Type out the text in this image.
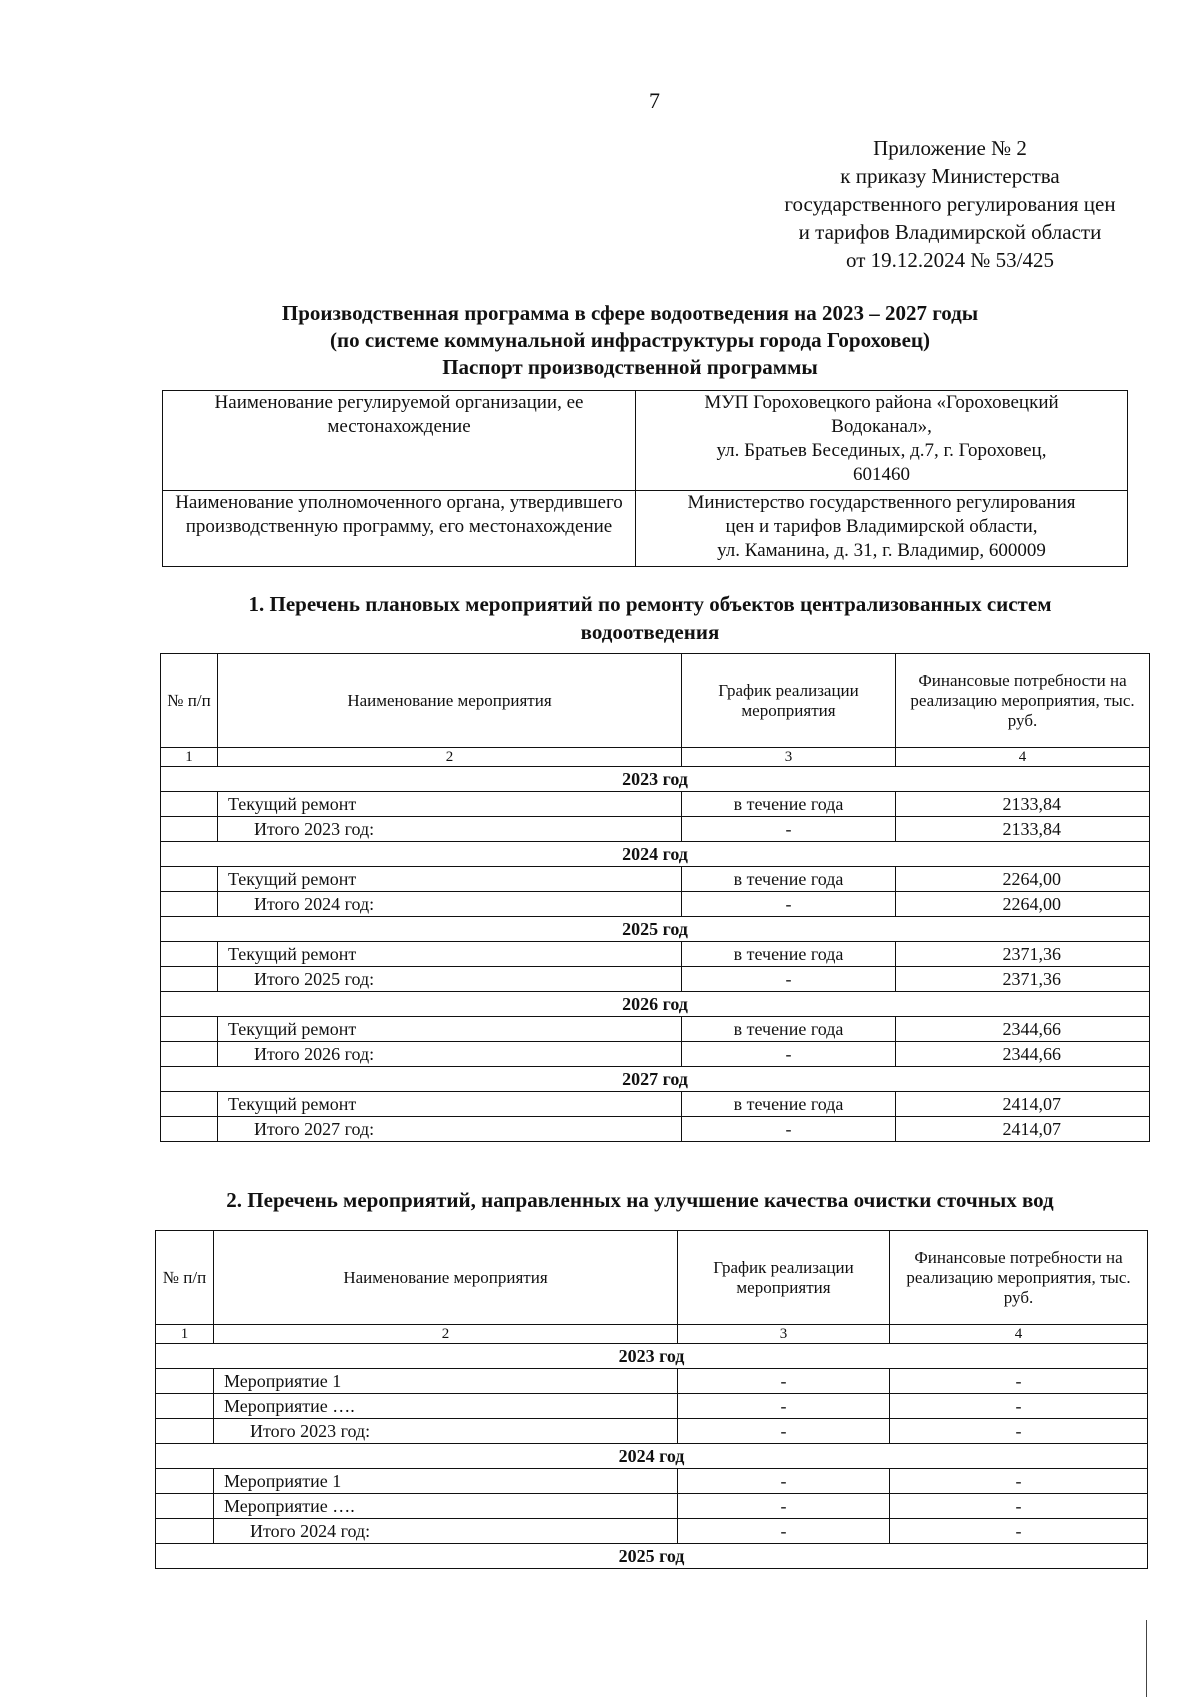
7
Приложение № 2
к приказу Министерства
государственного регулирования цен
и тарифов Владимирской области
от 19.12.2024 № 53/425
Производственная программа в сфере водоотведения на 2023 – 2027 годы
(по системе коммунальной инфраструктуры города Гороховец)
Паспорт производственной программы
Наименование регулируемой организации, ее местонахождение	МУП Гороховецкого района «Гороховецкий
Водоканал»,
ул. Братьев Бесединых, д.7, г. Гороховец,
601460

Наименование уполномоченного органа, утвердившего производственную программу, его местонахождение	Министерство государственного регулирования
цен и тарифов Владимирской области,
ул. Каманина, д. 31, г. Владимир, 600009
1. Перечень плановых мероприятий по ремонту объектов централизованных систем водоотведения
№ п/п	Наименование мероприятия	График реализации мероприятия	Финансовые потребности на реализацию мероприятия, тыс. руб.
1	2	3	4
2023 год			
	Текущий ремонт	в течение года	2133,84
	Итого 2023 год:	-	2133,84
2024 год			
	Текущий ремонт	в течение года	2264,00
	Итого 2024 год:	-	2264,00
2025 год			
	Текущий ремонт	в течение года	2371,36
	Итого 2025 год:	-	2371,36
2026 год			
	Текущий ремонт	в течение года	2344,66
	Итого 2026 год:	-	2344,66
2027 год			
	Текущий ремонт	в течение года	2414,07
	Итого 2027 год:	-	2414,07
2. Перечень мероприятий, направленных на улучшение качества очистки сточных вод
№ п/п	Наименование мероприятия	График реализации мероприятия	Финансовые потребности на реализацию мероприятия, тыс. руб.
1	2	3	4
2023 год			
	Мероприятие 1	-	-
	Мероприятие ….	-	-
	Итого 2023 год:	-	-
2024 год			
	Мероприятие 1	-	-
	Мероприятие ….	-	-
	Итого 2024 год:	-	-
2025 год			
